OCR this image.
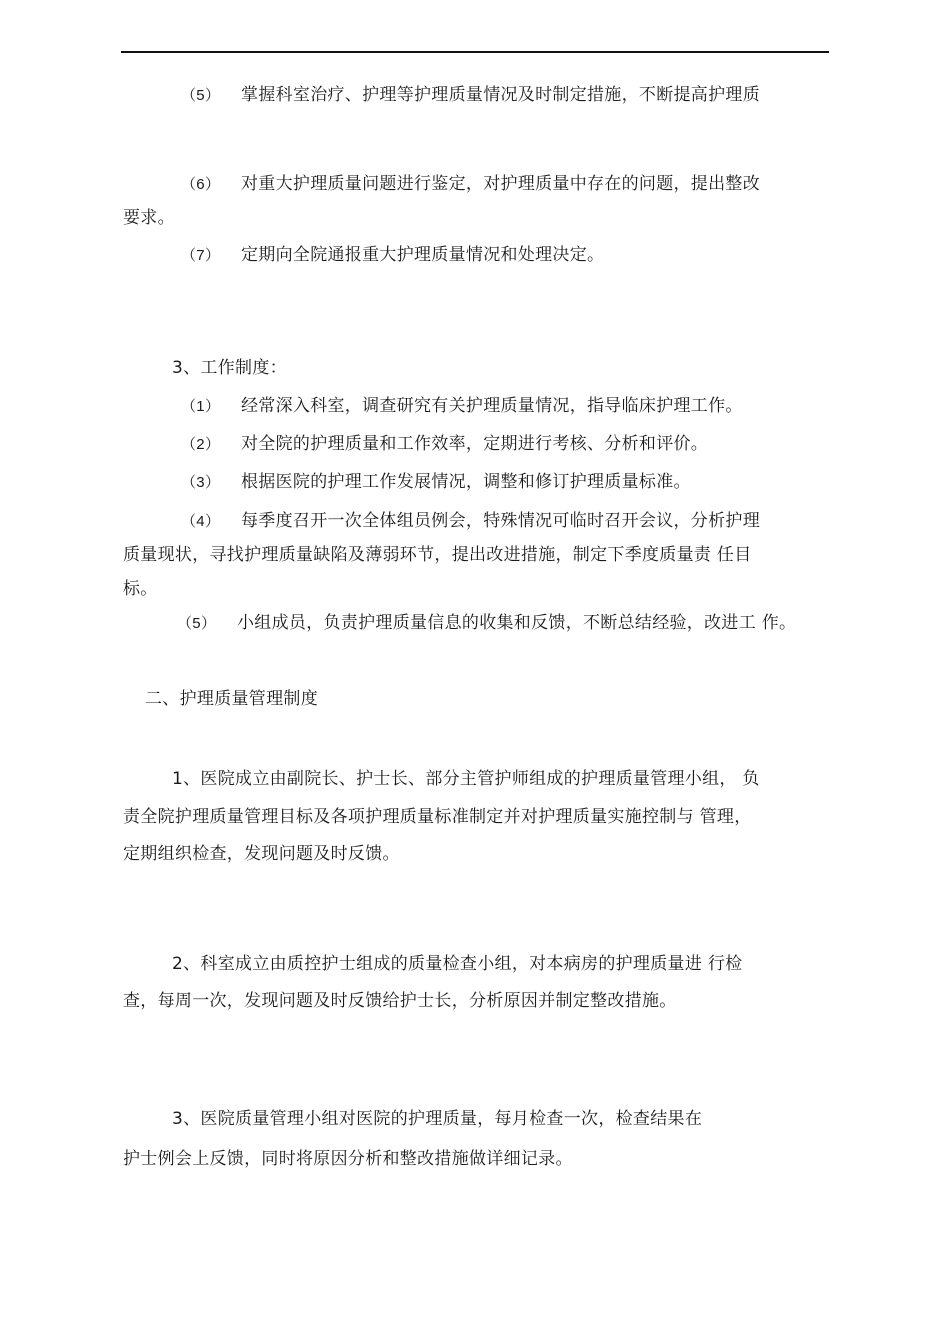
（5） 掌握科室治疗、护理等护理质量情况及时制定措施，不断提高护理质
（6） 对重大护理质量问题进行鉴定，对护理质量中存在的问题，提出整改
要求。
（7） 定期向全院通报重大护理质量情况和处理决定。
3、工作制度：
（1） 经常深入科室，调查研究有关护理质量情况，指导临床护理工作。
（2） 对全院的护理质量和工作效率，定期进行考核、分析和评价。
（3） 根据医院的护理工作发展情况，调整和修订护理质量标准。
（4） 每季度召开一次全体组员例会，特殊情况可临时召开会议，分析护理
质量现状，寻找护理质量缺陷及薄弱环节，提出改进措施，制定下季度质量责 任目
标。
（5） 小组成员，负责护理质量信息的收集和反馈，不断总结经验，改进工 作。
二、护理质量管理制度
1、医院成立由副院长、护士长、部分主管护师组成的护理质量管理小组， 负
责全院护理质量管理目标及各项护理质量标准制定并对护理质量实施控制与 管理，
定期组织检查，发现问题及时反馈。
2、科室成立由质控护士组成的质量检查小组，对本病房的护理质量进 行检
查，每周一次，发现问题及时反馈给护士长，分析原因并制定整改措施。
3、医院质量管理小组对医院的护理质量，每月检查一次，检查结果在
护士例会上反馈，同时将原因分析和整改措施做详细记录。
